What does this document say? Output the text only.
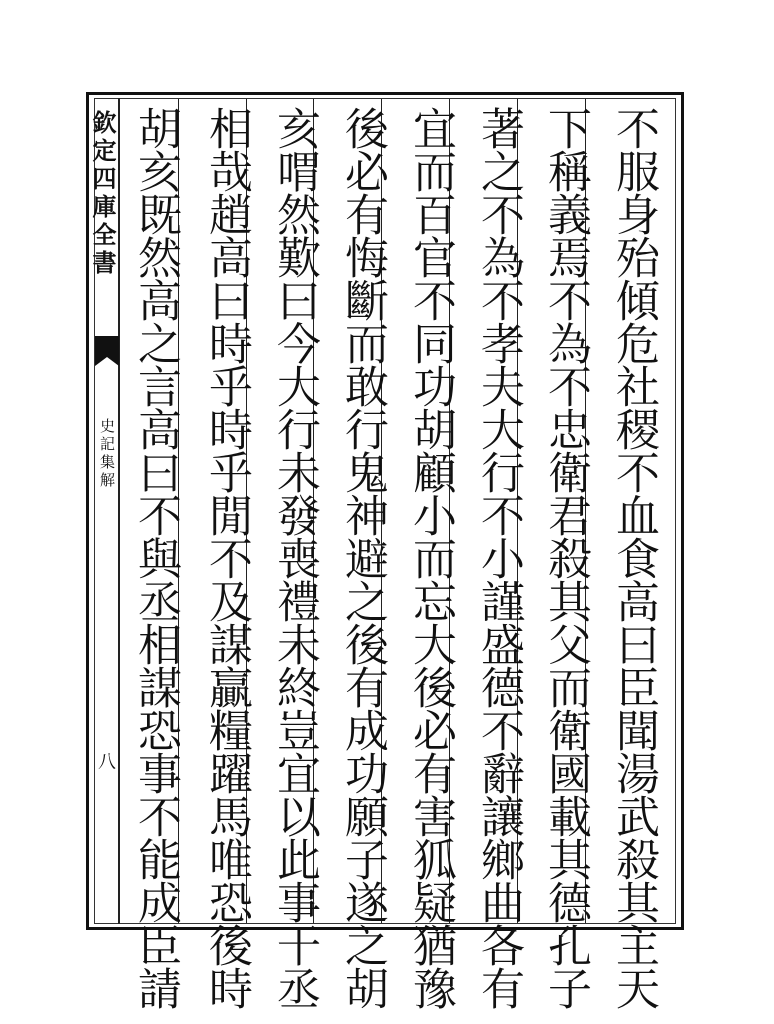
欽定四庫全書
史記集解
八	不服身殆傾危社稷不血食高曰臣聞湯武殺其主天
下稱義焉不為不忠衛君殺其父而衛國載其德孔子
著之不為不孝夫大行不小謹盛德不辭讓鄉曲各有
宜而百官不同功胡顧小而忘大後必有害狐疑猶豫
後必有悔斷而敢行鬼神避之後有成功願子遂之胡
亥喟然歎曰今大行未發喪禮未終豈宜以此事干丞
相哉趙高曰時乎時乎閒不及謀贏糧躍馬唯恐後時
胡亥既然高之言高曰不與丞相謀恐事不能成臣請
